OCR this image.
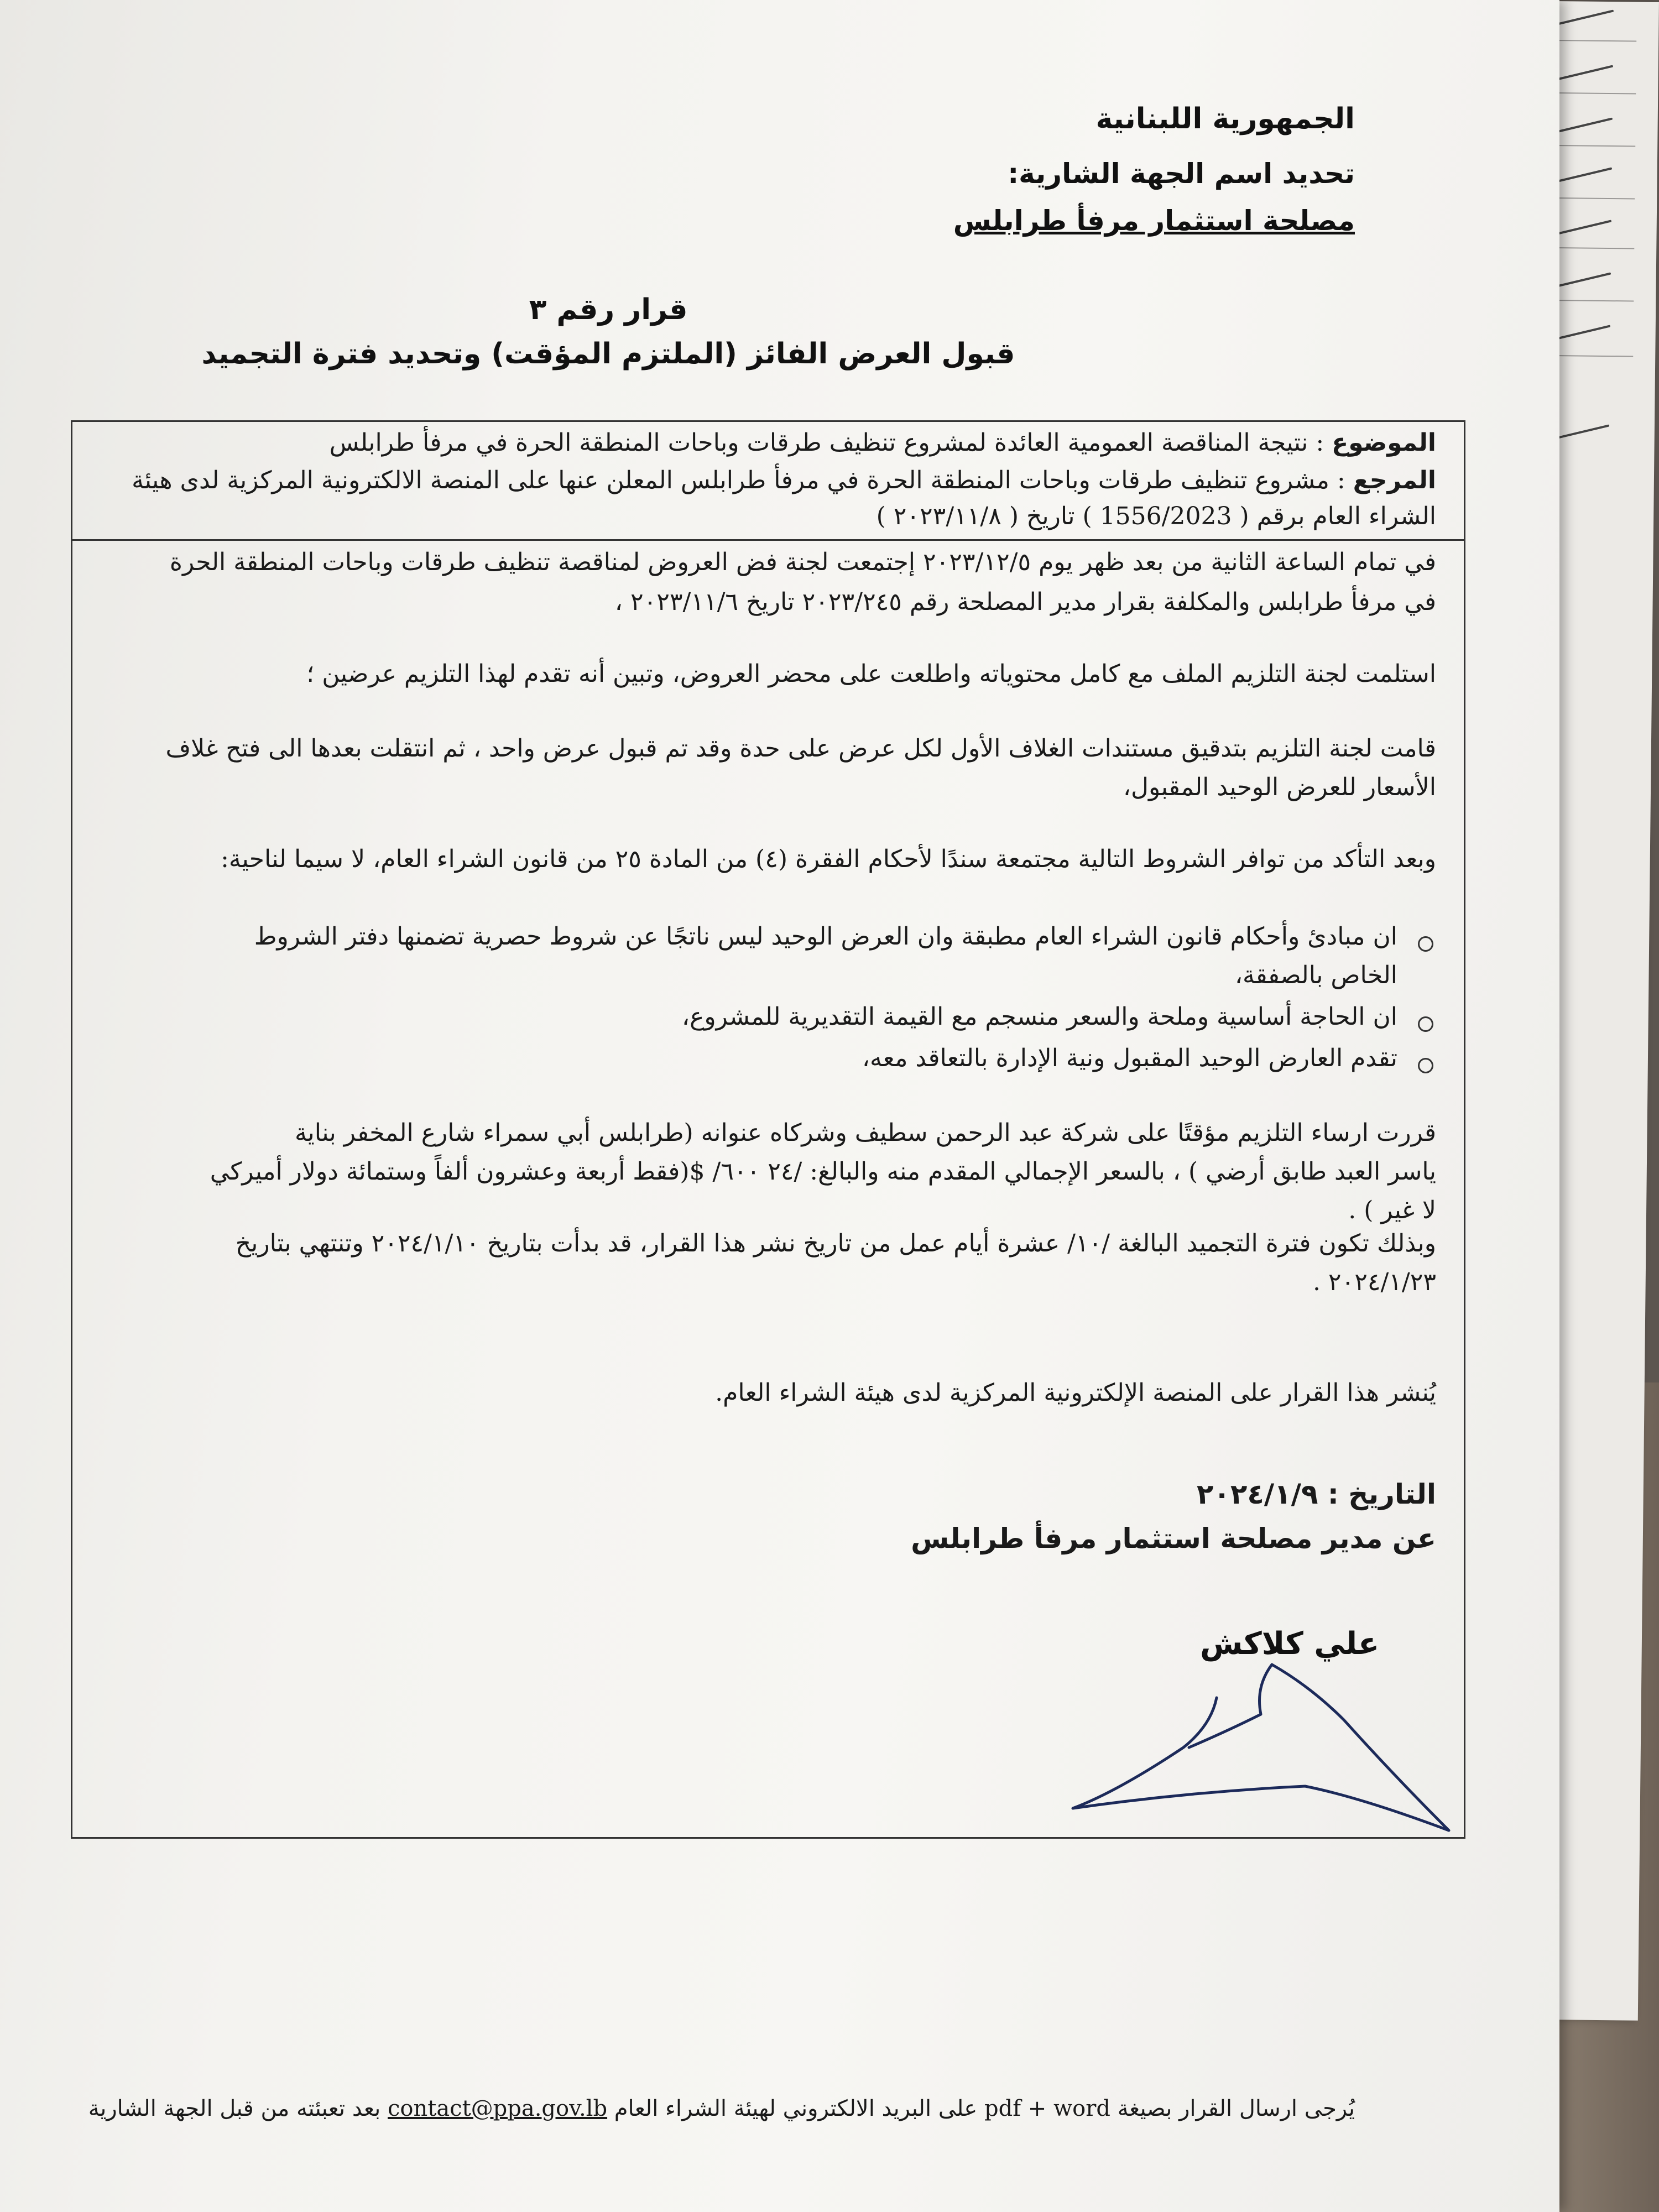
الجمهورية اللبنانية
تحديد اسم الجهة الشارية:
مصلحة استثمار مرفأ طرابلس
قرار رقم ٣
قبول العرض الفائز (الملتزم المؤقت) وتحديد فترة التجميد
الموضوع : نتيجة المناقصة العمومية العائدة لمشروع تنظيف طرقات وباحات المنطقة الحرة في مرفأ طرابلس
المرجع : مشروع تنظيف طرقات وباحات المنطقة الحرة في مرفأ طرابلس المعلن عنها على المنصة الالكترونية المركزية لدى هيئة
الشراء العام برقم ( 1556/2023 ) تاريخ ( ٢٠٢٣/١١/٨ )
في تمام الساعة الثانية من بعد ظهر يوم ٢٠٢٣/١٢/٥ إجتمعت لجنة فض العروض لمناقصة تنظيف طرقات وباحات المنطقة الحرة
في مرفأ طرابلس والمكلفة بقرار مدير المصلحة رقم ٢٠٢٣/٢٤٥ تاريخ ٢٠٢٣/١١/٦ ،
استلمت لجنة التلزيم الملف مع كامل محتوياته واطلعت على محضر العروض، وتبين أنه تقدم لهذا التلزيم عرضين ؛
قامت لجنة التلزيم بتدقيق مستندات الغلاف الأول لكل عرض على حدة وقد تم قبول عرض واحد ، ثم انتقلت بعدها الى فتح غلاف
الأسعار للعرض الوحيد المقبول،
وبعد التأكد من توافر الشروط التالية مجتمعة سندًا لأحكام الفقرة (٤) من المادة ٢٥ من قانون الشراء العام، لا سيما لناحية:
ان مبادئ وأحكام قانون الشراء العام مطبقة وان العرض الوحيد ليس ناتجًا عن شروط حصرية تضمنها دفتر الشروط
الخاص بالصفقة،
ان الحاجة أساسية وملحة والسعر منسجم مع القيمة التقديرية للمشروع،
تقدم العارض الوحيد المقبول ونية الإدارة بالتعاقد معه،
قررت ارساء التلزيم مؤقتًا على شركة عبد الرحمن سطيف وشركاه عنوانه (طرابلس أبي سمراء شارع المخفر بناية
ياسر العبد طابق أرضي ) ، بالسعر الإجمالي المقدم منه والبالغ: /٢٤ ٦٠٠/ $(فقط أربعة وعشرون ألفاً وستمائة دولار أميركي
لا غير ) .
وبذلك تكون فترة التجميد البالغة /١٠/ عشرة أيام عمل من تاريخ نشر هذا القرار، قد بدأت بتاريخ ٢٠٢٤/١/١٠ وتنتهي بتاريخ
٢٠٢٤/١/٢٣ .
يُنشر هذا القرار على المنصة الإلكترونية المركزية لدى هيئة الشراء العام.
التاريخ : ٢٠٢٤/١/٩
عن مدير مصلحة استثمار مرفأ طرابلس
علي كلاكش
يُرجى ارسال القرار بصيغة pdf + word على البريد الالكتروني لهيئة الشراء العام contact@ppa.gov.lb بعد تعبئته من قبل الجهة الشارية
